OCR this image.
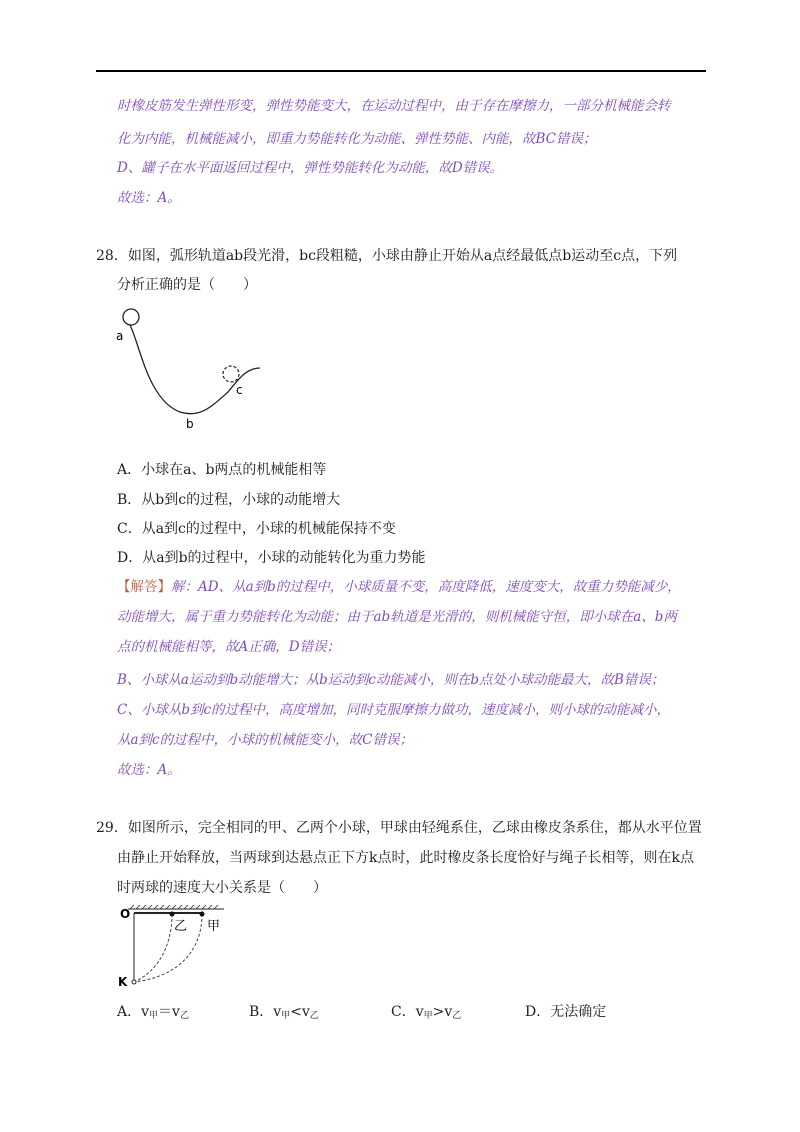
时橡皮筋发生弹性形变，弹性势能变大，在运动过程中，由于存在摩擦力，一部分机械能会转
化为内能，机械能减小，即重力势能转化为动能、弹性势能、内能，故BC错误；
D、罐子在水平面返回过程中，弹性势能转化为动能，故D错误。
故选：A。
28．如图，弧形轨道ab段光滑，bc段粗糙，小球由静止开始从a点经最低点b运动至c点，下列
分析正确的是（　　）
a
b
c
A．小球在a、b两点的机械能相等
B．从b到c的过程，小球的动能增大
C．从a到c的过程中，小球的机械能保持不变
D．从a到b的过程中，小球的动能转化为重力势能
【解答】解：AD、从a到b的过程中，小球质量不变，高度降低，速度变大，故重力势能减少，
动能增大，属于重力势能转化为动能；由于ab轨道是光滑的，则机械能守恒，即小球在a、b两
点的机械能相等，故A正确，D错误；
B、小球从a运动到b动能增大；从b运动到c动能减小，则在b点处小球动能最大，故B错误；
C、小球从b到c的过程中，高度增加，同时克服摩擦力做功，速度减小，则小球的动能减小，
从a到c的过程中，小球的机械能变小，故C错误；
故选：A。
29．如图所示，完全相同的甲、乙两个小球，甲球由轻绳系住，乙球由橡皮条系住，都从水平位置
由静止开始释放，当两球到达悬点正下方k点时，此时橡皮条长度恰好与绳子长相等，则在k点
时两球的速度大小关系是（　　）
O
K
乙 甲
A．$v_甲=v_乙$	B．$v_甲<v_乙$	C．$v_甲>v_乙$	D．无法确定
